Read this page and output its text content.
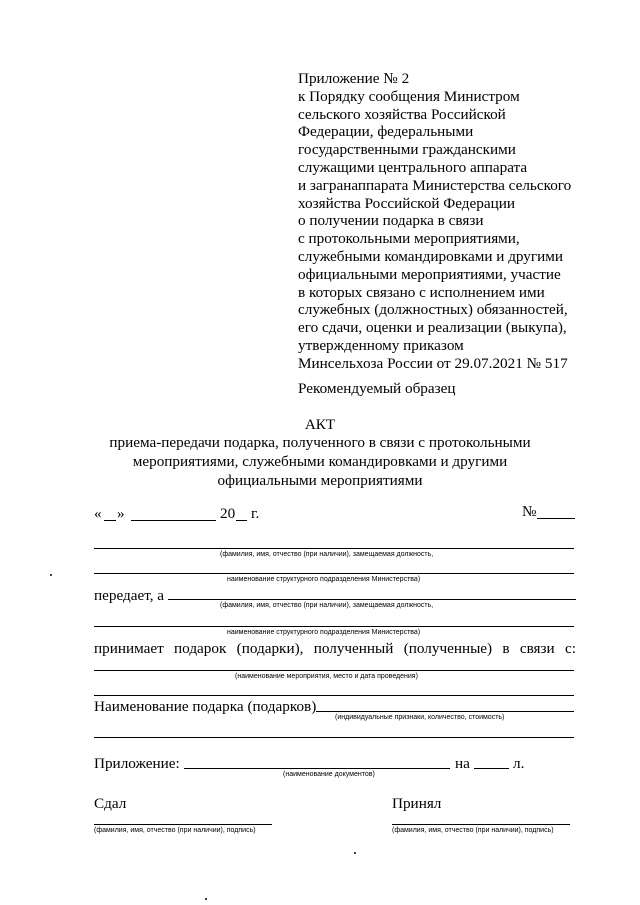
Приложение № 2
к Порядку сообщения Министром
сельского хозяйства Российской
Федерации, федеральными
государственными гражданскими
служащими центрального аппарата
и загранаппарата Министерства сельского
хозяйства Российской Федерации
о получении подарка в связи
с протокольными мероприятиями,
служебными командировками и другими
официальными мероприятиями, участие
в которых связано с исполнением ими
служебных (должностных) обязанностей,
его сдачи, оценки и реализации (выкупа),
утвержденному приказом
Минсельхоза России от 29.07.2021 № 517
Рекомендуемый образец
АКТ
приема-передачи подарка, полученного в связи с протокольными
мероприятиями, служебными командировками и другими
официальными мероприятиями
« »	20 г.	№
(фамилия, имя, отчество (при наличии), замещаемая должность,
наименование структурного подразделения Министерства)
передает, а
(фамилия, имя, отчество (при наличии), замещаемая должность,
наименование структурного подразделения Министерства)
принимает подарок (подарки), полученный (полученные) в связи с:
(наименование мероприятия, место и дата проведения)
Наименование подарка (подарков)
(индивидуальные признаки, количество, стоимость)
Приложение:
(наименование документов)
на	л.
Сдал
(фамилия, имя, отчество (при наличии), подпись)
Принял
(фамилия, имя, отчество (при наличии), подпись)
